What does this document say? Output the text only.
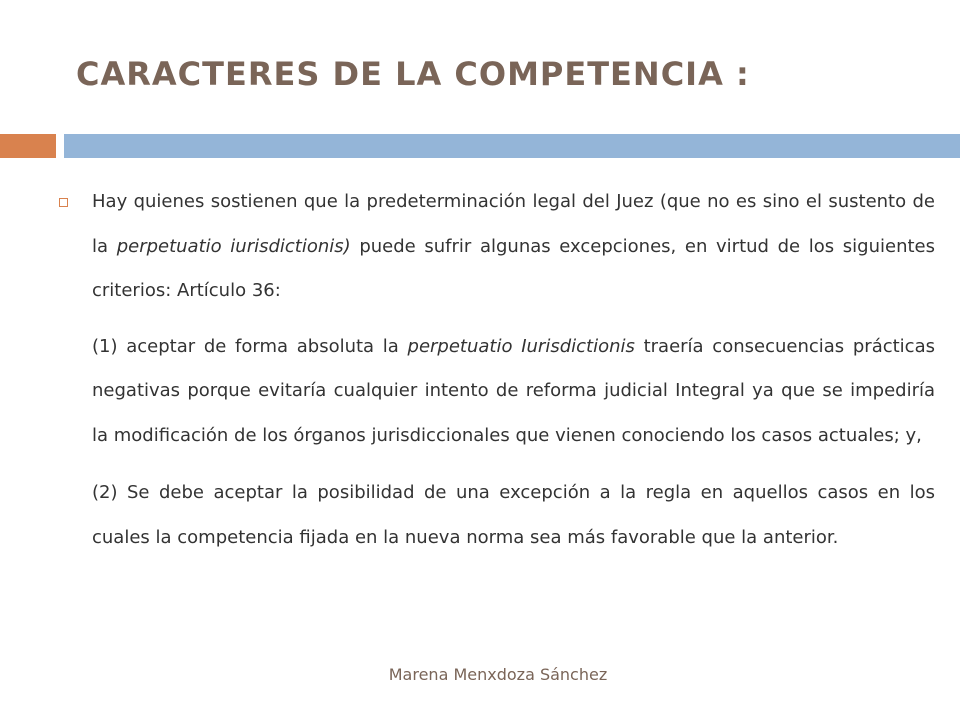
CARACTERES DE LA COMPETENCIA :

Hay quienes sostienen que la predeterminación legal del Juez (que no es sino el sustento de la perpetuatio iurisdictionis) puede sufrir algunas excepciones, en virtud de los siguientes criterios: Artículo 36:

(1) aceptar de forma absoluta la perpetuatio Iurisdictionis traería consecuencias prácticas negativas porque evitaría cualquier intento de reforma judicial Integral ya que se impediría la modificación de los órganos jurisdiccionales que vienen conociendo los casos actuales; y,

(2) Se debe aceptar la posibilidad de una excepción a la regla en aquellos casos en los cuales la competencia fijada en la nueva norma sea más favorable que la anterior.

Marena Menxdoza Sánchez
